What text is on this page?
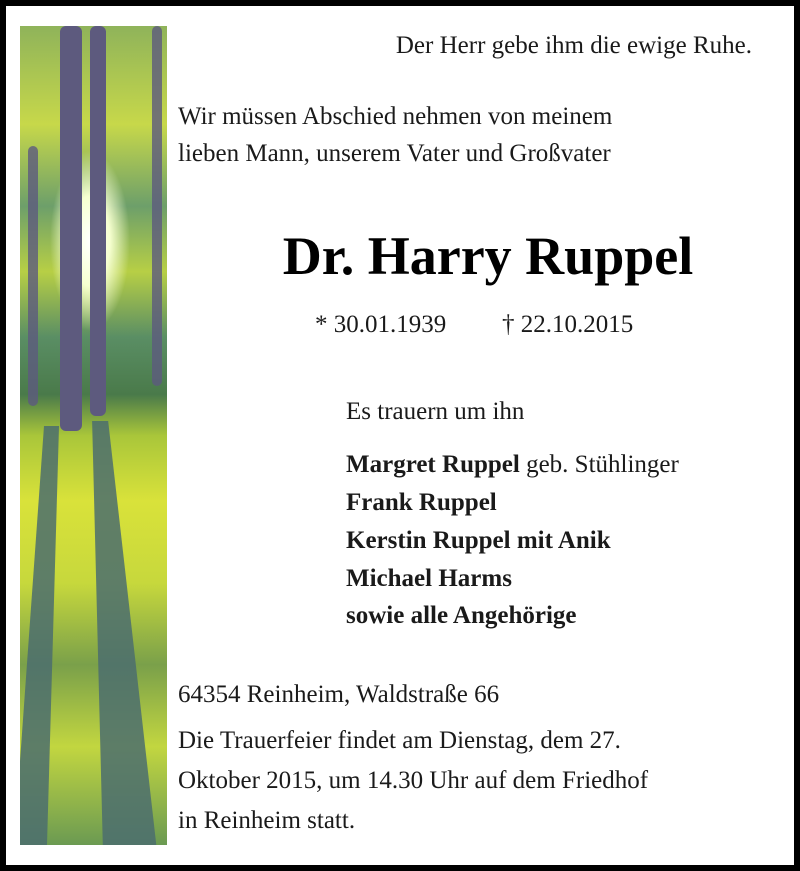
Der Herr gebe ihm die ewige Ruhe.
Wir müssen Abschied nehmen von meinem
lieben Mann, unserem Vater und Großvater
Dr. Harry Ruppel
* 30.01.1939 † 22.10.2015
Es trauern um ihn
Margret Ruppel geb. Stühlinger
Frank Ruppel
Kerstin Ruppel mit Anik
Michael Harms
sowie alle Angehörige
64354 Reinheim, Waldstraße 66
Die Trauerfeier findet am Dienstag, dem 27.
Oktober 2015, um 14.30 Uhr auf dem Friedhof
in Reinheim statt.
